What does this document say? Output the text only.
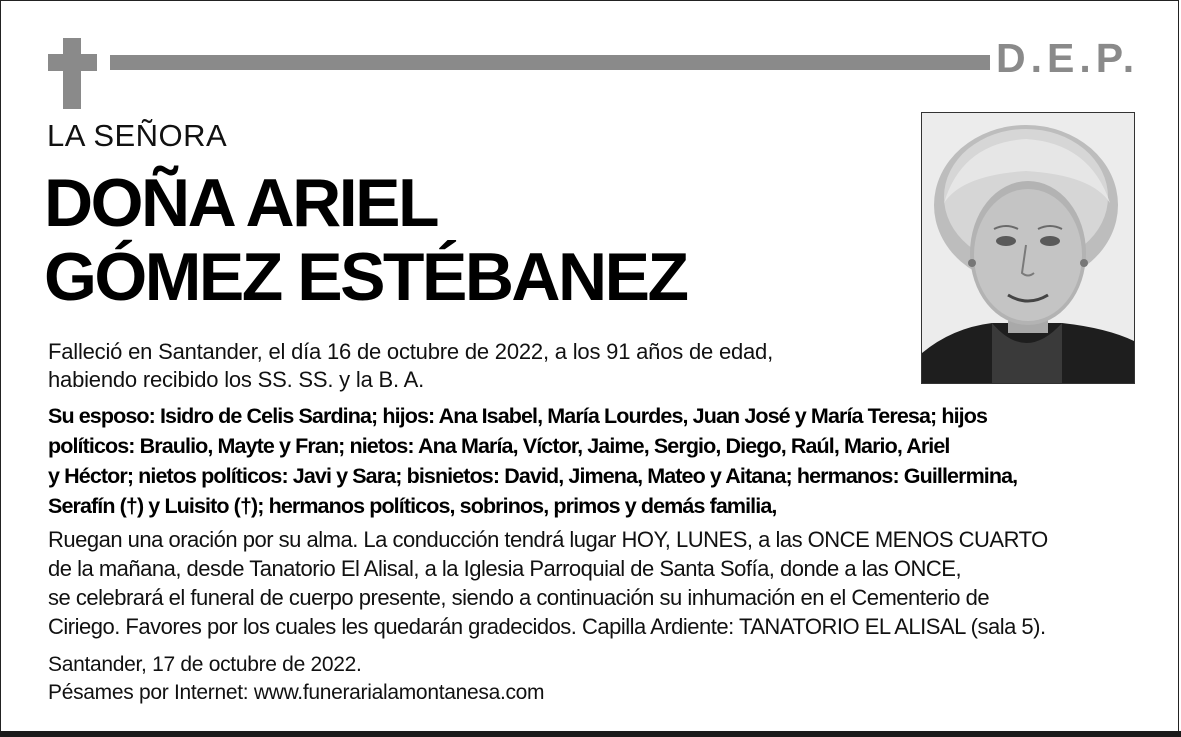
D.E.P.
LA SEÑORA
DOÑA ARIEL
GÓMEZ ESTÉBANEZ
Falleció en Santander, el día 16 de octubre de 2022, a los 91 años de edad,
habiendo recibido los SS. SS. y la B. A.
Su esposo: Isidro de Celis Sardina; hijos: Ana Isabel, María Lourdes, Juan José y María Teresa; hijos
políticos: Braulio, Mayte y Fran; nietos: Ana María, Víctor, Jaime, Sergio, Diego, Raúl, Mario, Ariel
y Héctor; nietos políticos: Javi y Sara; bisnietos: David, Jimena, Mateo y Aitana; hermanos: Guillermina,
Serafín (†) y Luisito (†); hermanos políticos, sobrinos, primos y demás familia,
Ruegan una oración por su alma. La conducción tendrá lugar HOY, LUNES, a las ONCE MENOS CUARTO
de la mañana, desde Tanatorio El Alisal, a la Iglesia Parroquial de Santa Sofía, donde a las ONCE,
se celebrará el funeral de cuerpo presente, siendo a continuación su inhumación en el Cementerio de
Ciriego. Favores por los cuales les quedarán gradecidos. Capilla Ardiente: TANATORIO EL ALISAL (sala 5).
Santander, 17 de octubre de 2022.
Pésames por Internet: www.funerarialamontanesa.com
